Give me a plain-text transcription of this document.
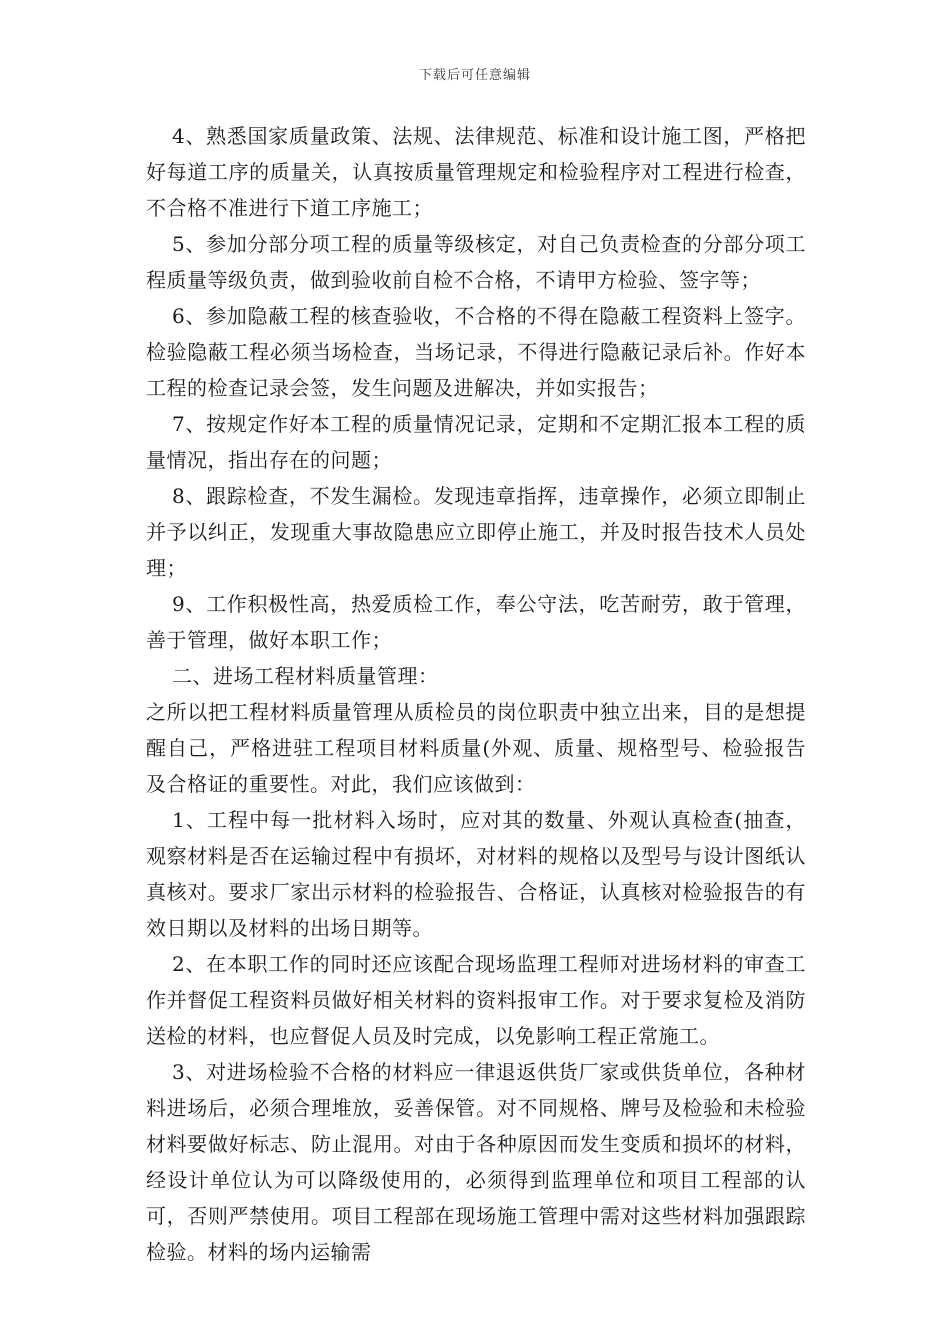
下载后可任意编辑

4、熟悉国家质量政策、法规、法律规范、标准和设计施工图，严格把好每道工序的质量关，认真按质量管理规定和检验程序对工程进行检查，不合格不准进行下道工序施工；

5、参加分部分项工程的质量等级核定，对自己负责检查的分部分项工程质量等级负责，做到验收前自检不合格，不请甲方检验、签字等；

6、参加隐蔽工程的核查验收，不合格的不得在隐蔽工程资料上签字。检验隐蔽工程必须当场检查，当场记录，不得进行隐蔽记录后补。作好本工程的检查记录会签，发生问题及进解决，并如实报告；

7、按规定作好本工程的质量情况记录，定期和不定期汇报本工程的质量情况，指出存在的问题；

8、跟踪检查，不发生漏检。发现违章指挥，违章操作，必须立即制止并予以纠正，发现重大事故隐患应立即停止施工，并及时报告技术人员处理；

9、工作积极性高，热爱质检工作，奉公守法，吃苦耐劳，敢于管理，善于管理，做好本职工作；

二、进场工程材料质量管理：

之所以把工程材料质量管理从质检员的岗位职责中独立出来，目的是想提醒自己，严格进驻工程项目材料质量(外观、质量、规格型号、检验报告及合格证的重要性。对此，我们应该做到：

1、工程中每一批材料入场时，应对其的数量、外观认真检查(抽查，观察材料是否在运输过程中有损坏，对材料的规格以及型号与设计图纸认真核对。要求厂家出示材料的检验报告、合格证，认真核对检验报告的有效日期以及材料的出场日期等。

2、在本职工作的同时还应该配合现场监理工程师对进场材料的审查工作并督促工程资料员做好相关材料的资料报审工作。对于要求复检及消防送检的材料，也应督促人员及时完成，以免影响工程正常施工。

3、对进场检验不合格的材料应一律退返供货厂家或供货单位，各种材料进场后，必须合理堆放，妥善保管。对不同规格、牌号及检验和未检验材料要做好标志、防止混用。对由于各种原因而发生变质和损坏的材料，经设计单位认为可以降级使用的，必须得到监理单位和项目工程部的认可，否则严禁使用。项目工程部在现场施工管理中需对这些材料加强跟踪检验。材料的场内运输需
